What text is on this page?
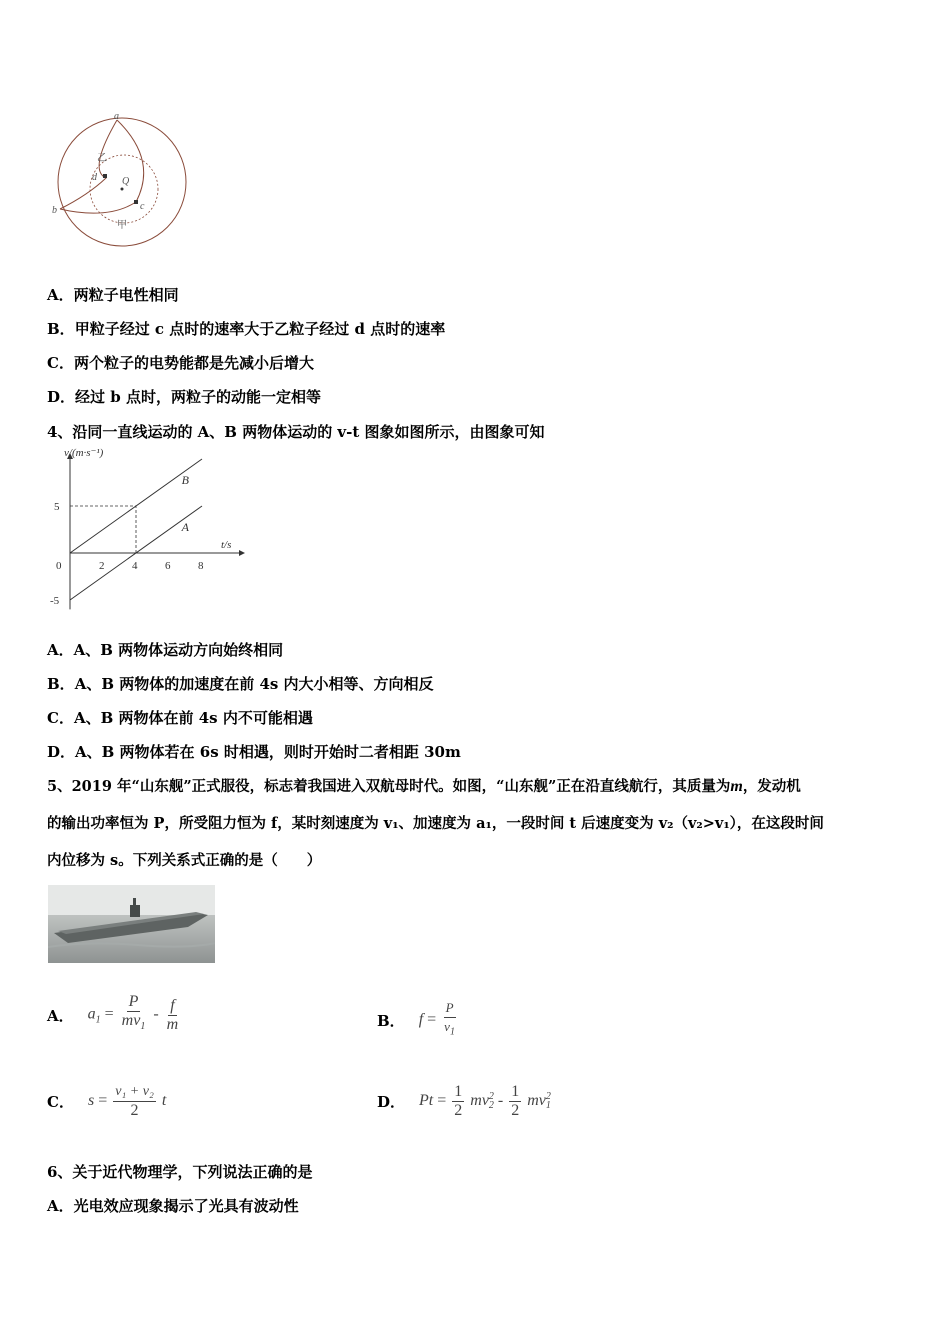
a
乙
d	Q
b	c
甲
A．两粒子电性相同
B．甲粒子经过 c 点时的速率大于乙粒子经过 d 点时的速率
C．两个粒子的电势能都是先减小后增大
D．经过 b 点时，两粒子的动能一定相等
4、沿同一直线运动的 A、B 两物体运动的 v-t 图象如图所示，由图象可知
v/(m·s⁻¹)
t/s
0	2	4	6	8
5
-5
B
A
A．A、B 两物体运动方向始终相同
B．A、B 两物体的加速度在前 4s 内大小相等、方向相反
C．A、B 两物体在前 4s 内不可能相遇
D．A、B 两物体若在 6s 时相遇，则时开始时二者相距 30m
5、2019 年“山东舰”正式服役，标志着我国进入双航母时代。如图，“山东舰”正在沿直线航行，其质量为m，发动机
的输出功率恒为 P，所受阻力恒为 f，某时刻速度为 v₁、加速度为 a₁，一段时间 t 后速度变为 v₂（v₂>v₁），在这段时间
内位移为 s。下列关系式正确的是（　　）
A． $a_1 = \frac{P}{mv_1} - \frac{f}{m}$	B． $f = \frac{P}{v_1}$
C． $s = \frac{\text{v₁ + v₂}}{2}$ t	D． $Pt = \frac{1}{2}$ mv 2
$2 - \frac{1}{2}$ mv 2
1
6、关于近代物理学，下列说法正确的是
A．光电效应现象揭示了光具有波动性
